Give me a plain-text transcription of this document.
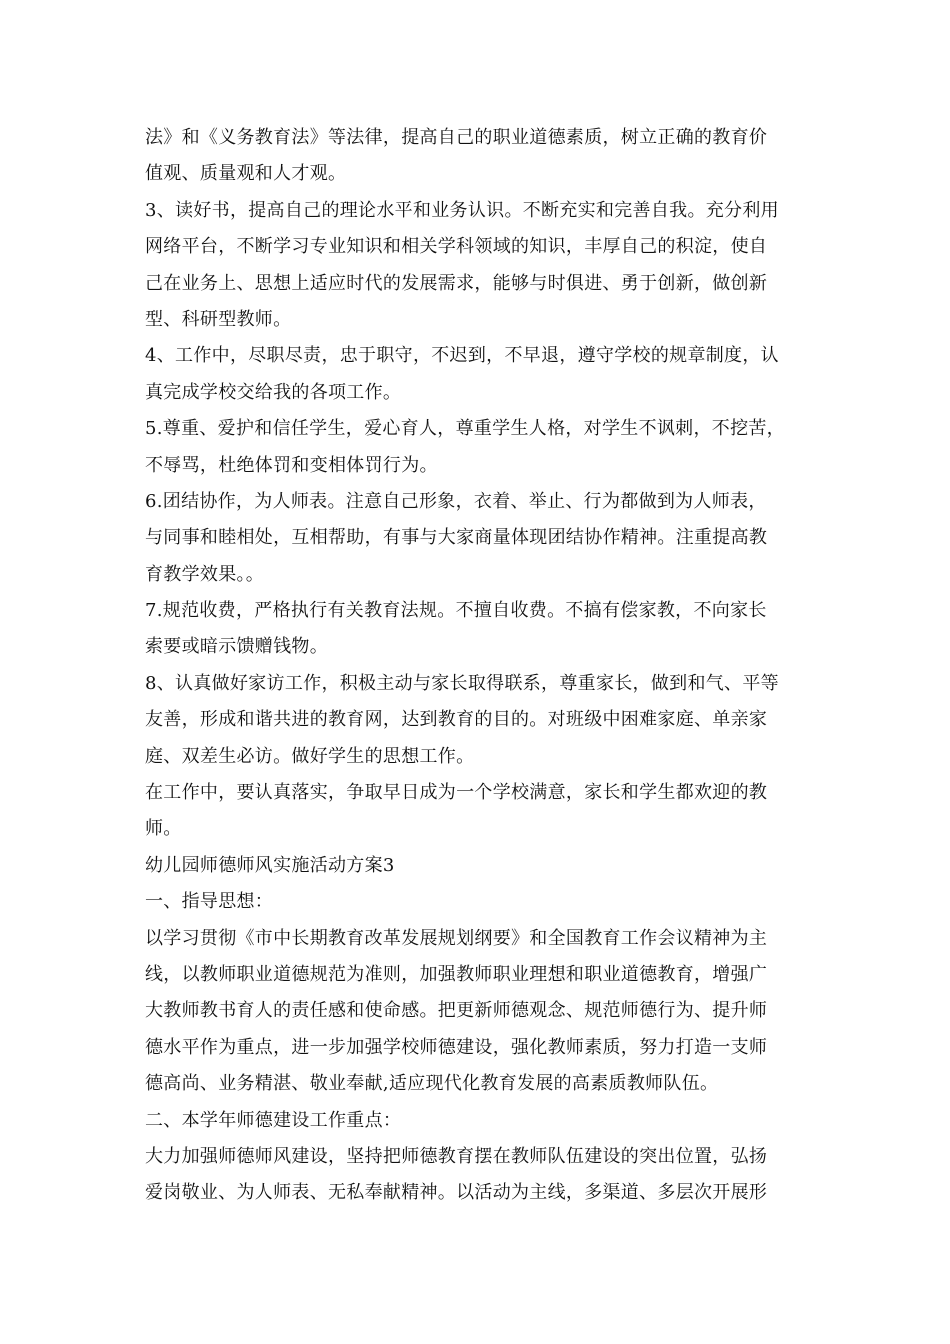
法》和《义务教育法》等法律，提高自己的职业道德素质，树立正确的教育价
值观、质量观和人才观。
3、读好书，提高自己的理论水平和业务认识。不断充实和完善自我。充分利用
网络平台，不断学习专业知识和相关学科领域的知识，丰厚自己的积淀，使自
己在业务上、思想上适应时代的发展需求，能够与时俱进、勇于创新，做创新
型、科研型教师。
4、工作中，尽职尽责，忠于职守，不迟到，不早退，遵守学校的规章制度，认
真完成学校交给我的各项工作。
5.尊重、爱护和信任学生，爱心育人，尊重学生人格，对学生不讽刺，不挖苦，
不辱骂，杜绝体罚和变相体罚行为。
6.团结协作，为人师表。注意自己形象，衣着、举止、行为都做到为人师表，
与同事和睦相处，互相帮助，有事与大家商量体现团结协作精神。注重提高教
育教学效果。。
7.规范收费，严格执行有关教育法规。不擅自收费。不搞有偿家教，不向家长
索要或暗示馈赠钱物。
8、认真做好家访工作，积极主动与家长取得联系，尊重家长，做到和气、平等
友善，形成和谐共进的教育网，达到教育的目的。对班级中困难家庭、单亲家
庭、双差生必访。做好学生的思想工作。
在工作中，要认真落实，争取早日成为一个学校满意，家长和学生都欢迎的教
师。
幼儿园师德师风实施活动方案3
一、指导思想：
以学习贯彻《市中长期教育改革发展规划纲要》和全国教育工作会议精神为主
线，以教师职业道德规范为准则，加强教师职业理想和职业道德教育，增强广
大教师教书育人的责任感和使命感。把更新师德观念、规范师德行为、提升师
德水平作为重点，进一步加强学校师德建设，强化教师素质，努力打造一支师
德高尚、业务精湛、敬业奉献,适应现代化教育发展的高素质教师队伍。
二、本学年师德建设工作重点：
大力加强师德师风建设，坚持把师德教育摆在教师队伍建设的突出位置，弘扬
爱岗敬业、为人师表、无私奉献精神。以活动为主线，多渠道、多层次开展形
